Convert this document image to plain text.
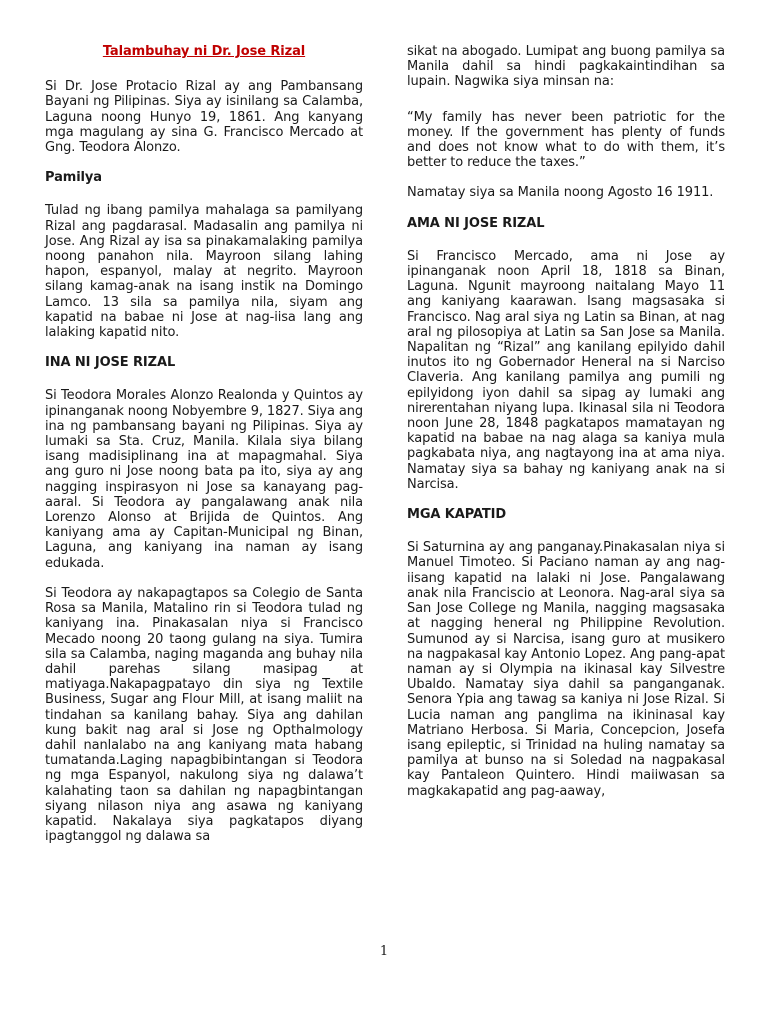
Talambuhay ni Dr. Jose Rizal

Si Dr. Jose Protacio Rizal ay ang Pambansang Bayani ng Pilipinas. Siya ay isinilang sa Calamba, Laguna noong Hunyo 19, 1861. Ang kanyang mga magulang ay sina G. Francisco Mercado at Gng. Teodora Alonzo.

Pamilya

Tulad ng ibang pamilya mahalaga sa pamilyang Rizal ang pagdarasal. Madasalin ang pamilya ni Jose. Ang Rizal ay isa sa pinakamalaking pamilya noong panahon nila. Mayroon silang lahing hapon, espanyol, malay at negrito. Mayroon silang kamag-anak na isang instik na Domingo Lamco. 13 sila sa pamilya nila, siyam ang kapatid na babae ni Jose at nag-iisa lang ang lalaking kapatid nito.

INA NI JOSE RIZAL

Si Teodora Morales Alonzo Realonda y Quintos ay ipinanganak noong Nobyembre 9, 1827. Siya ang ina ng pambansang bayani ng Pilipinas. Siya ay lumaki sa Sta. Cruz, Manila. Kilala siya bilang isang madisiplinang ina at mapagmahal. Siya ang guro ni Jose noong bata pa ito, siya ay ang nagging inspirasyon ni Jose sa kanayang pag-aaral. Si Teodora ay pangalawang anak nila Lorenzo Alonso at Brijida de Quintos. Ang kaniyang ama ay Capitan-Municipal ng Binan, Laguna, ang kaniyang ina naman ay isang edukada.

Si Teodora ay nakapagtapos sa Colegio de Santa Rosa sa Manila, Matalino rin si Teodora tulad ng kaniyang ina. Pinakasalan niya si Francisco Mecado noong 20 taong gulang na siya. Tumira sila sa Calamba, naging maganda ang buhay nila dahil parehas silang masipag at matiyaga.Nakapagpatayo din siya ng Textile Business, Sugar ang Flour Mill, at isang maliit na tindahan sa kanilang bahay. Siya ang dahilan kung bakit nag aral si Jose ng Opthalmology dahil nanlalabo na ang kaniyang mata habang tumatanda.Laging napagbibintangan si Teodora ng mga Espanyol, nakulong siya ng dalawa’t kalahating taon sa dahilan ng napagbintangan siyang nilason niya ang asawa ng kaniyang kapatid. Nakalaya siya pagkatapos diyang ipagtanggol ng dalawa sa

sikat na abogado. Lumipat ang buong pamilya sa Manila dahil sa hindi pagkakaintindihan sa lupain. Nagwika siya minsan na:

“My family has never been patriotic for the money. If the government has plenty of funds and does not know what to do with them, it’s better to reduce the taxes.”

Namatay siya sa Manila noong Agosto 16 1911.

AMA NI JOSE RIZAL

Si Francisco Mercado, ama ni Jose ay ipinanganak noon April 18, 1818 sa Binan, Laguna. Ngunit mayroong naitalang Mayo 11 ang kaniyang kaarawan. Isang magsasaka si Francisco. Nag aral siya ng Latin sa Binan, at nag aral ng pilosopiya at Latin sa San Jose sa Manila. Napalitan ng “Rizal” ang kanilang epilyido dahil inutos ito ng Gobernador Heneral na si Narciso Claveria. Ang kanilang pamilya ang pumili ng epilyidong iyon dahil sa sipag ay lumaki ang nirerentahan niyang lupa. Ikinasal sila ni Teodora noon June 28, 1848 pagkatapos mamatayan ng kapatid na babae na nag alaga sa kaniya mula pagkabata niya, ang nagtayong ina at ama niya. Namatay siya sa bahay ng kaniyang anak na si Narcisa.

MGA KAPATID

Si Saturnina ay ang panganay.Pinakasalan niya si Manuel Timoteo. Si Paciano naman ay ang nag-iisang kapatid na lalaki ni Jose. Pangalawang anak nila Franciscio at Leonora. Nag-aral siya sa San Jose College ng Manila, nagging magsasaka at nagging heneral ng Philippine Revolution. Sumunod ay si Narcisa, isang guro at musikero na nagpakasal kay Antonio Lopez. Ang pang-apat naman ay si Olympia na ikinasal kay Silvestre Ubaldo. Namatay siya dahil sa panganganak. Senora Ypia ang tawag sa kaniya ni Jose Rizal. Si Lucia naman ang panglima na ikininasal kay Matriano Herbosa. Si Maria, Concepcion, Josefa isang epileptic, si Trinidad na huling namatay sa pamilya at bunso na si Soledad na nagpakasal kay Pantaleon Quintero. Hindi maiiwasan sa magkakapatid ang pag-aaway,

1
